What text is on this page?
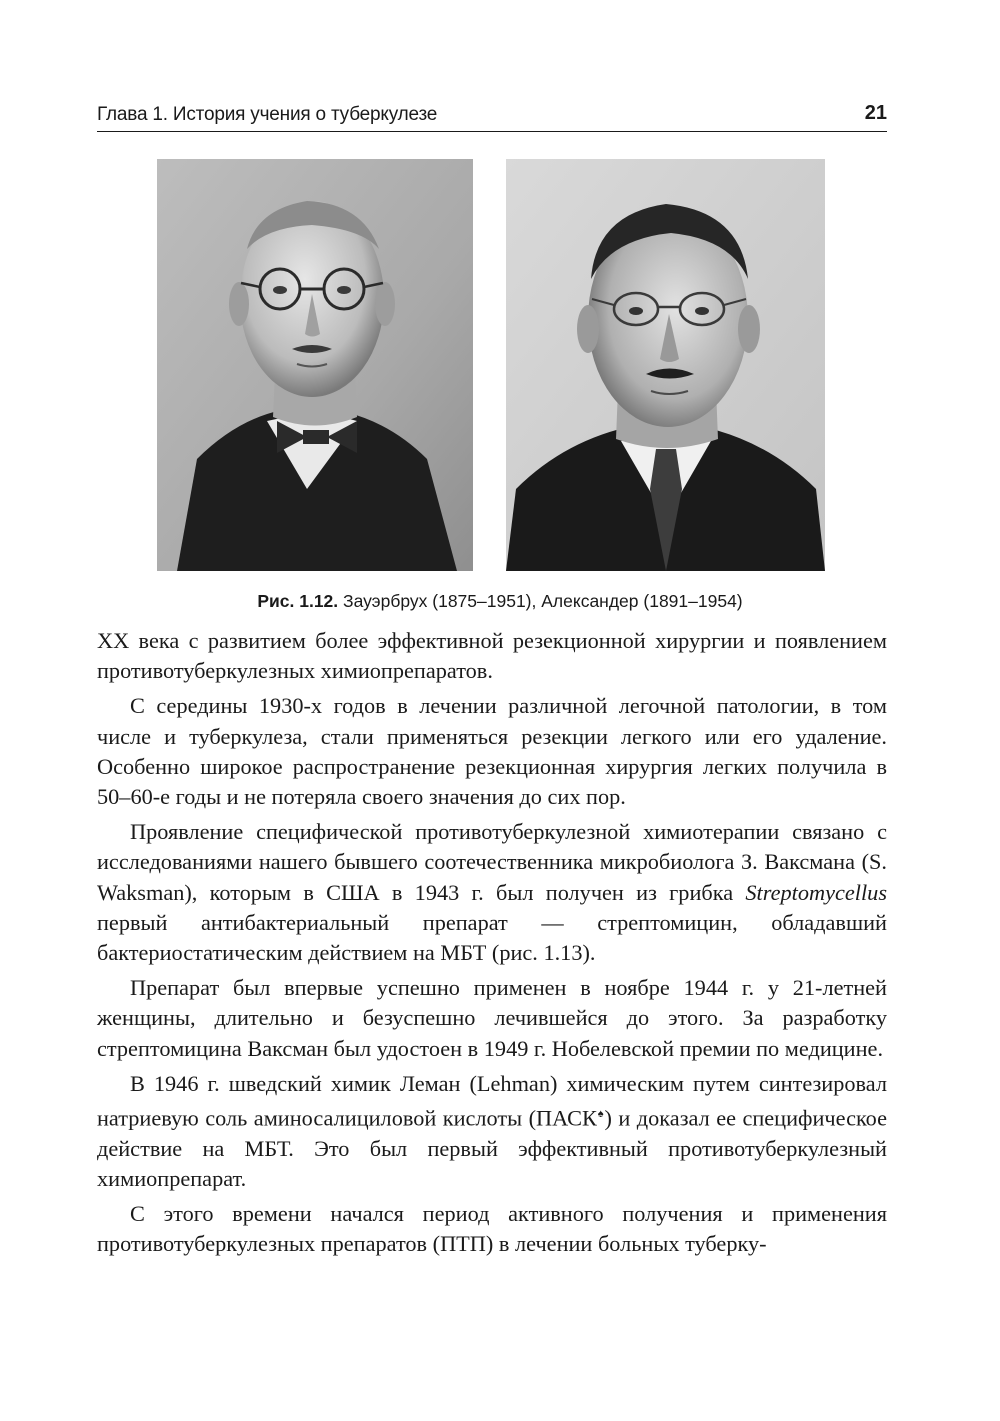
Глава 1. История учения о туберкулезе	21
Рис. 1.12. Зауэрбрух (1875–1951), Александер (1891–1954)

XX века с развитием более эффективной резекционной хирургии и появлением противотуберкулезных химиопрепаратов.

С середины 1930-х годов в лечении различной легочной патологии, в том числе и туберкулеза, стали применяться резекции легкого или его удаление. Особенно широкое распространение резекционная хирургия легких получила в 50–60-е годы и не потеряла своего значения до сих пор.

Проявление специфической противотуберкулезной химиотерапии связано с исследованиями нашего бывшего соотечественника микробиолога З. Ваксмана (S. Waksman), которым в США в 1943 г. был получен из грибка Streptomycellus первый антибактериальный препарат — стрептомицин, обладавший бактериостатическим действием на МБТ (рис. 1.13).

Препарат был впервые успешно применен в ноябре 1944 г. у 21-летней женщины, длительно и безуспешно лечившейся до этого. За разработку стрептомицина Ваксман был удостоен в 1949 г. Нобелевской премии по медицине.

В 1946 г. шведский химик Леман (Lehman) химическим путем синтезировал натриевую соль аминосалициловой кислоты (ПАСК♠) и доказал ее специфическое действие на МБТ. Это был первый эффективный противотуберкулезный химиопрепарат.

С этого времени начался период активного получения и применения противотуберкулезных препаратов (ПТП) в лечении больных туберку-
